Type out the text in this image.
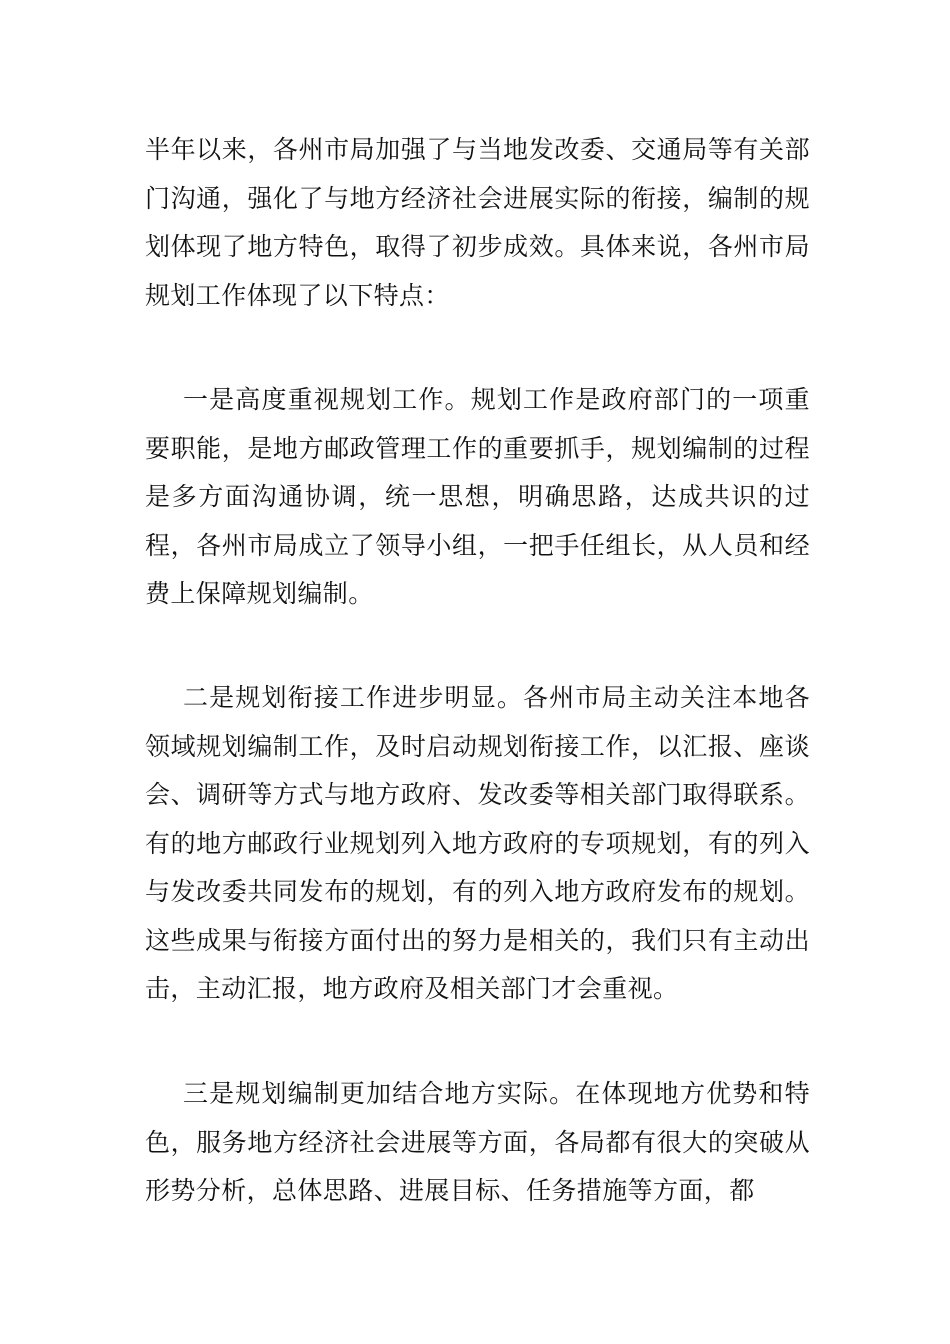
半年以来，各州市局加强了与当地发改委、交通局等有关部门沟通，强化了与地方经济社会进展实际的衔接，编制的规划体现了地方特色，取得了初步成效。具体来说，各州市局规划工作体现了以下特点：

一是高度重视规划工作。规划工作是政府部门的一项重要职能，是地方邮政管理工作的重要抓手，规划编制的过程是多方面沟通协调，统一思想，明确思路，达成共识的过程，各州市局成立了领导小组，一把手任组长，从人员和经费上保障规划编制。

二是规划衔接工作进步明显。各州市局主动关注本地各领域规划编制工作，及时启动规划衔接工作，以汇报、座谈会、调研等方式与地方政府、发改委等相关部门取得联系。有的地方邮政行业规划列入地方政府的专项规划，有的列入与发改委共同发布的规划，有的列入地方政府发布的规划。这些成果与衔接方面付出的努力是相关的，我们只有主动出击，主动汇报，地方政府及相关部门才会重视。

三是规划编制更加结合地方实际。在体现地方优势和特色，服务地方经济社会进展等方面，各局都有很大的突破从形势分析，总体思路、进展目标、任务措施等方面，都
